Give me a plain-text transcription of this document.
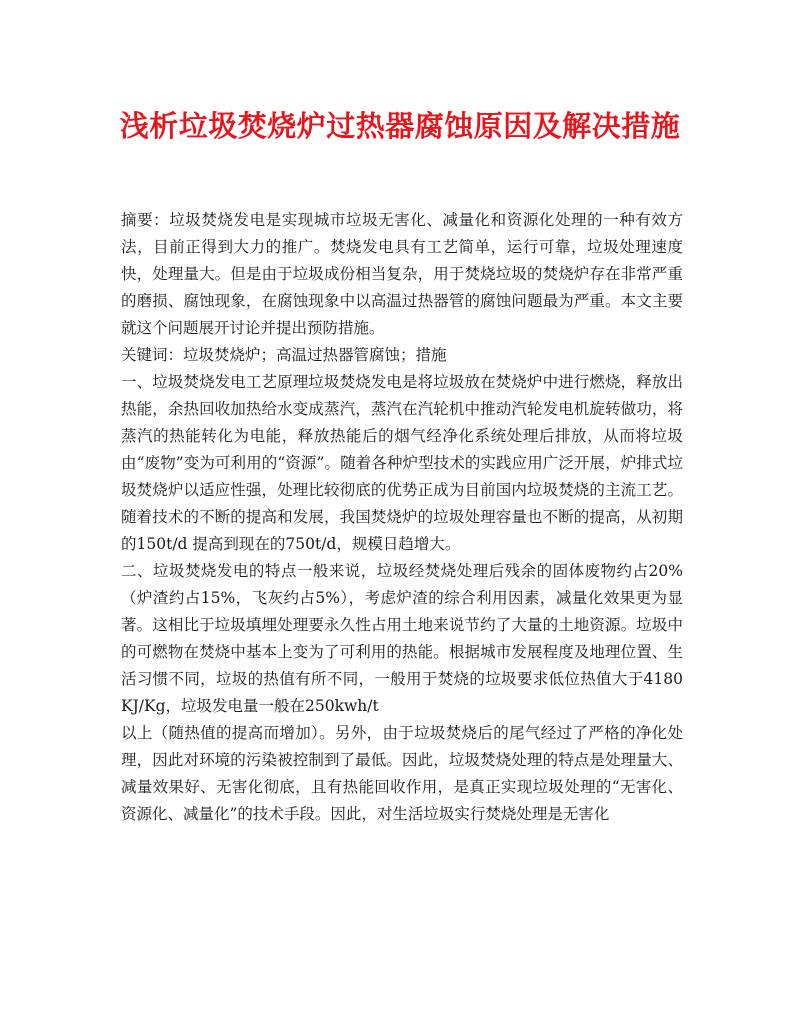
浅析垃圾焚烧炉过热器腐蚀原因及解决措施

摘要：垃圾焚烧发电是实现城市垃圾无害化、减量化和资源化处理的一种有效方法，目前正得到大力的推广。焚烧发电具有工艺简单，运行可靠，垃圾处理速度快，处理量大。但是由于垃圾成份相当复杂，用于焚烧垃圾的焚烧炉存在非常严重的磨损、腐蚀现象，在腐蚀现象中以高温过热器管的腐蚀问题最为严重。本文主要就这个问题展开讨论并提出预防措施。

关键词：垃圾焚烧炉；高温过热器管腐蚀；措施

一、垃圾焚烧发电工艺原理垃圾焚烧发电是将垃圾放在焚烧炉中进行燃烧，释放出热能，余热回收加热给水变成蒸汽，蒸汽在汽轮机中推动汽轮发电机旋转做功，将蒸汽的热能转化为电能，释放热能后的烟气经净化系统处理后排放，从而将垃圾由“废物”变为可利用的“资源”。随着各种炉型技术的实践应用广泛开展，炉排式垃圾焚烧炉以适应性强，处理比较彻底的优势正成为目前国内垃圾焚烧的主流工艺。随着技术的不断的提高和发展，我国焚烧炉的垃圾处理容量也不断的提高，从初期的150t/d 提高到现在的750t/d，规模日趋增大。

二、垃圾焚烧发电的特点一般来说，垃圾经焚烧处理后残余的固体废物约占20%（炉渣约占15%，飞灰约占5%），考虑炉渣的综合利用因素，减量化效果更为显著。这相比于垃圾填埋处理要永久性占用土地来说节约了大量的土地资源。垃圾中的可燃物在焚烧中基本上变为了可利用的热能。根据城市发展程度及地理位置、生活习惯不同，垃圾的热值有所不同，一般用于焚烧的垃圾要求低位热值大于4180KJ/Kg，垃圾发电量一般在250kwh/t

以上（随热值的提高而增加）。另外，由于垃圾焚烧后的尾气经过了严格的净化处理，因此对环境的污染被控制到了最低。因此，垃圾焚烧处理的特点是处理量大、减量效果好、无害化彻底，且有热能回收作用，是真正实现垃圾处理的“无害化、资源化、减量化”的技术手段。因此，对生活垃圾实行焚烧处理是无害化
